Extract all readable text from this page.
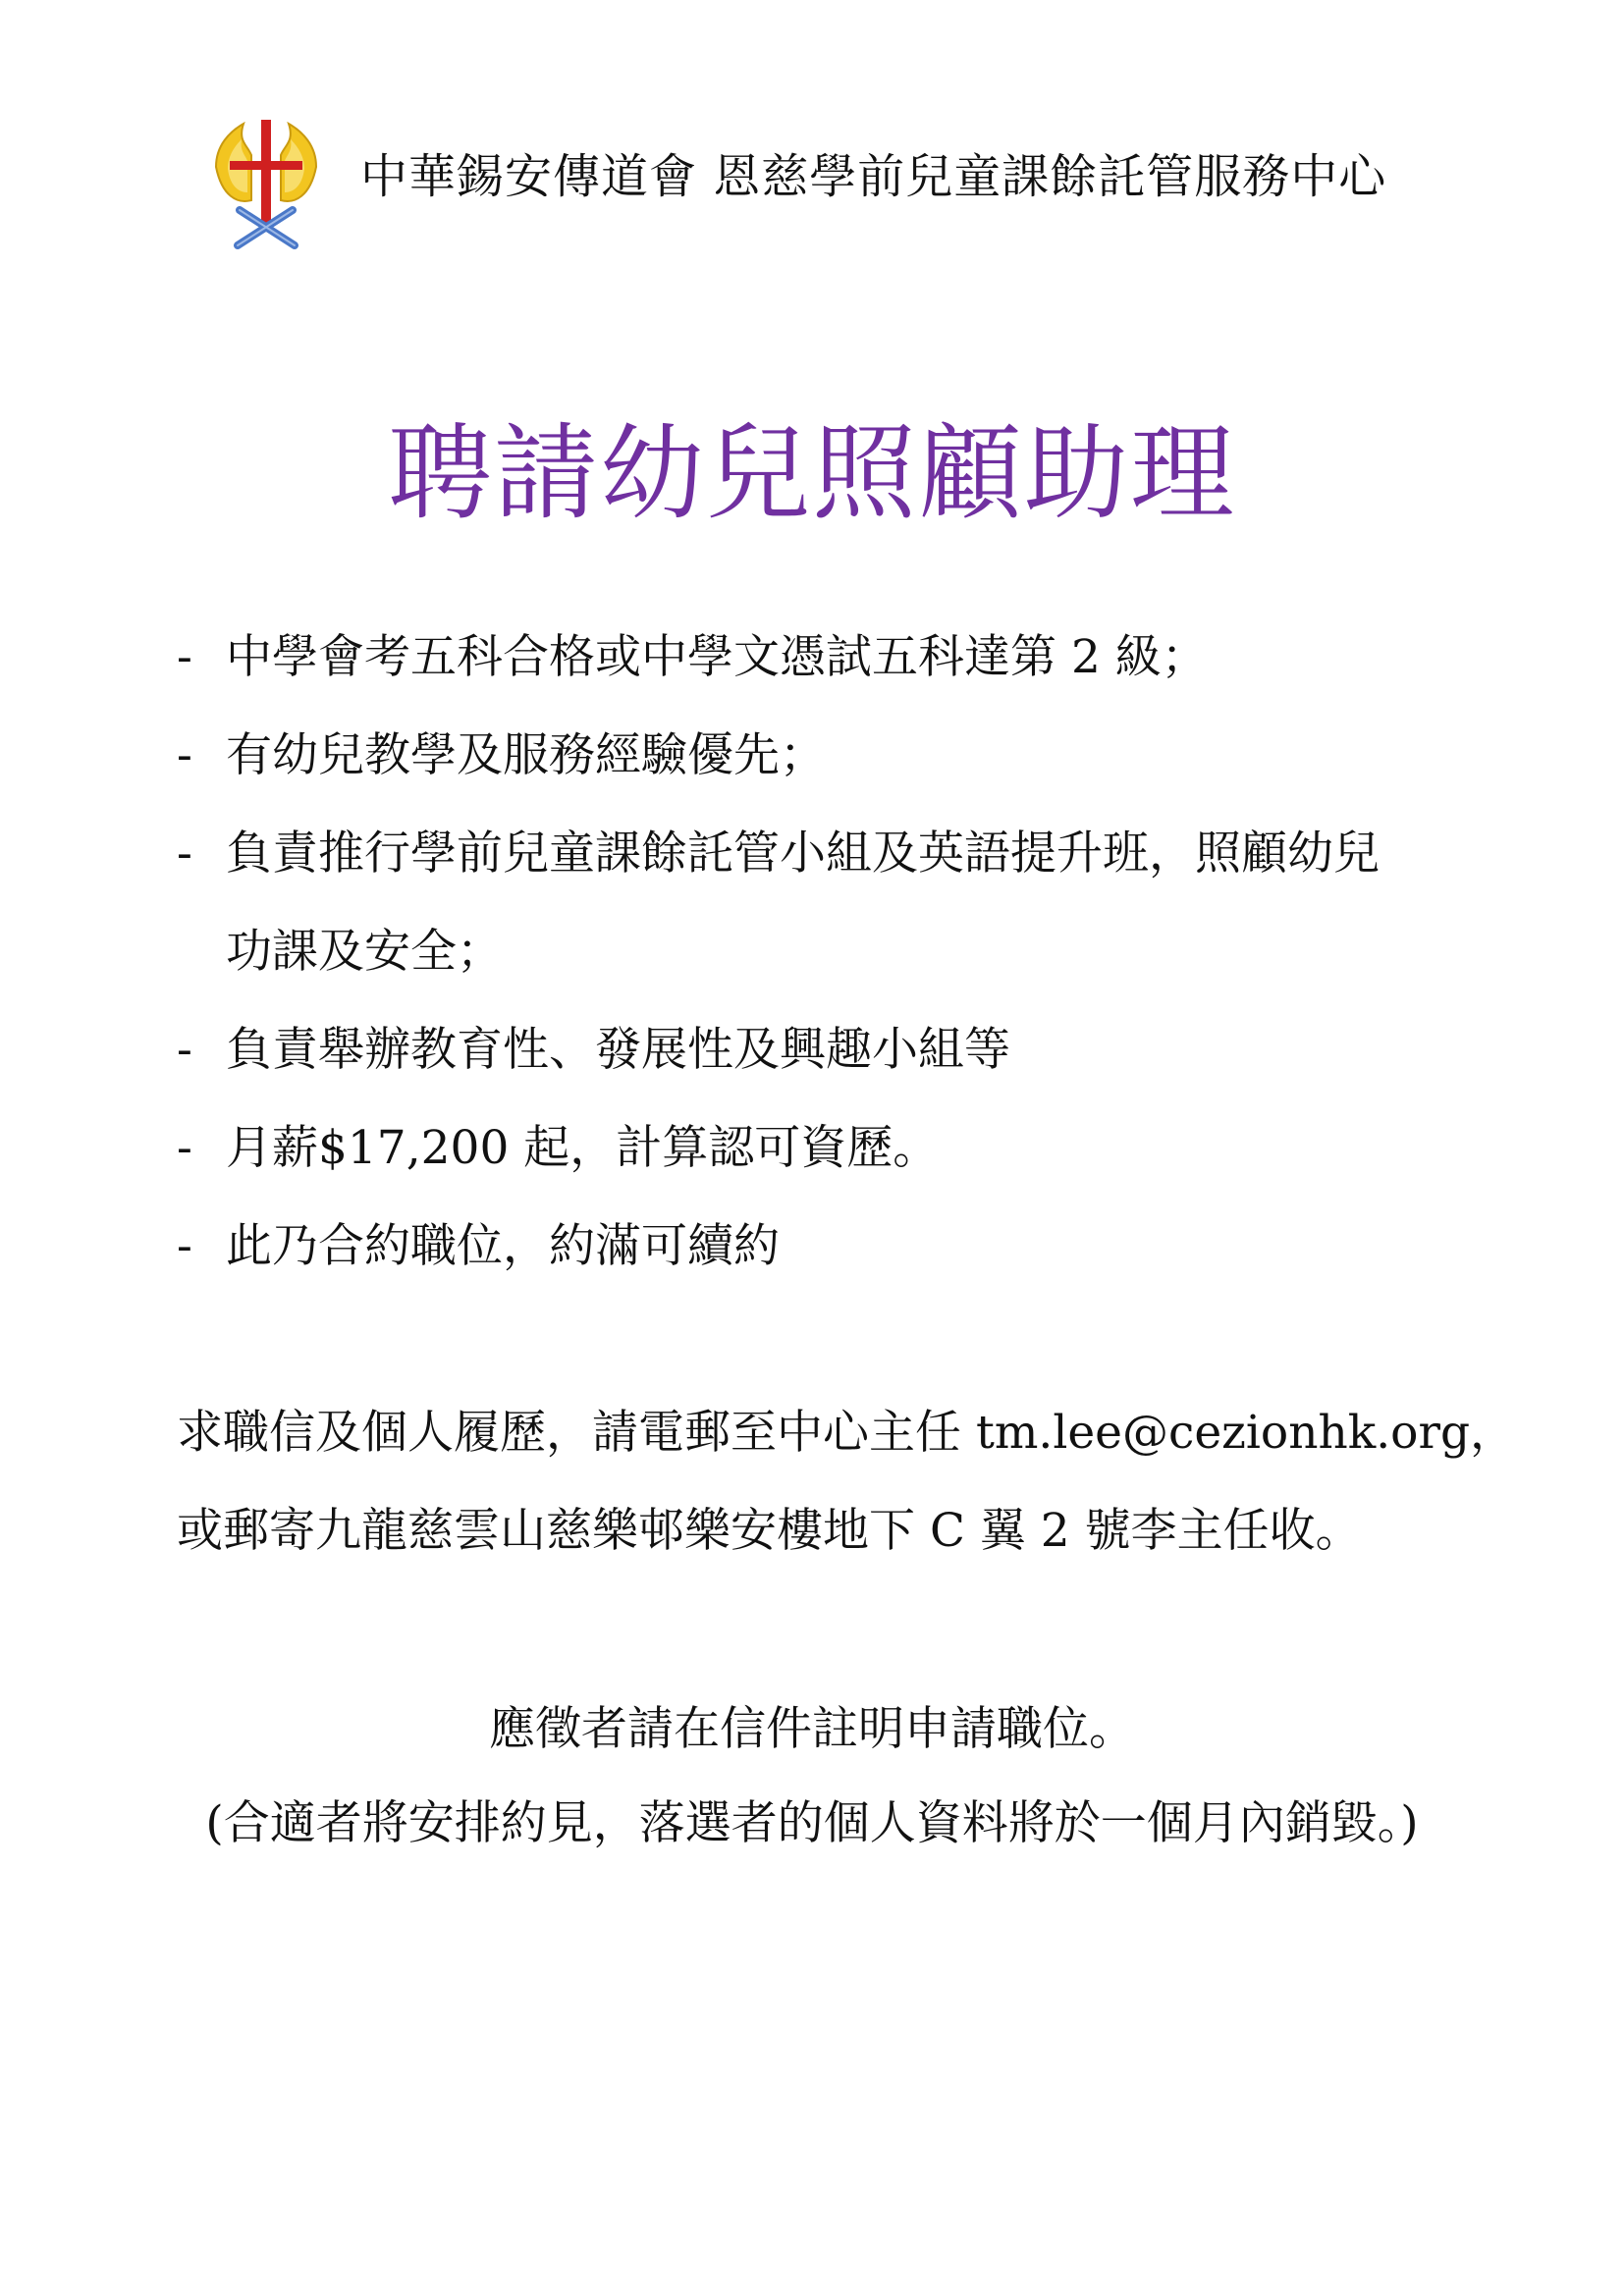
中華錫安傳道會 恩慈學前兒童課餘託管服務中心
聘請幼兒照顧助理
- 中學會考五科合格或中學文憑試五科達第 2 級；
- 有幼兒教學及服務經驗優先；
- 負責推行學前兒童課餘託管小組及英語提升班，照顧幼兒
功課及安全；
- 負責舉辦教育性、發展性及興趣小組等
- 月薪$17,200 起，計算認可資歷。
- 此乃合約職位，約滿可續約
求職信及個人履歷，請電郵至中心主任 tm.lee@cezionhk.org，
或郵寄九龍慈雲山慈樂邨樂安樓地下 C 翼 2 號李主任收。
應徵者請在信件註明申請職位。
(合適者將安排約見，落選者的個人資料將於一個月內銷毀。)
